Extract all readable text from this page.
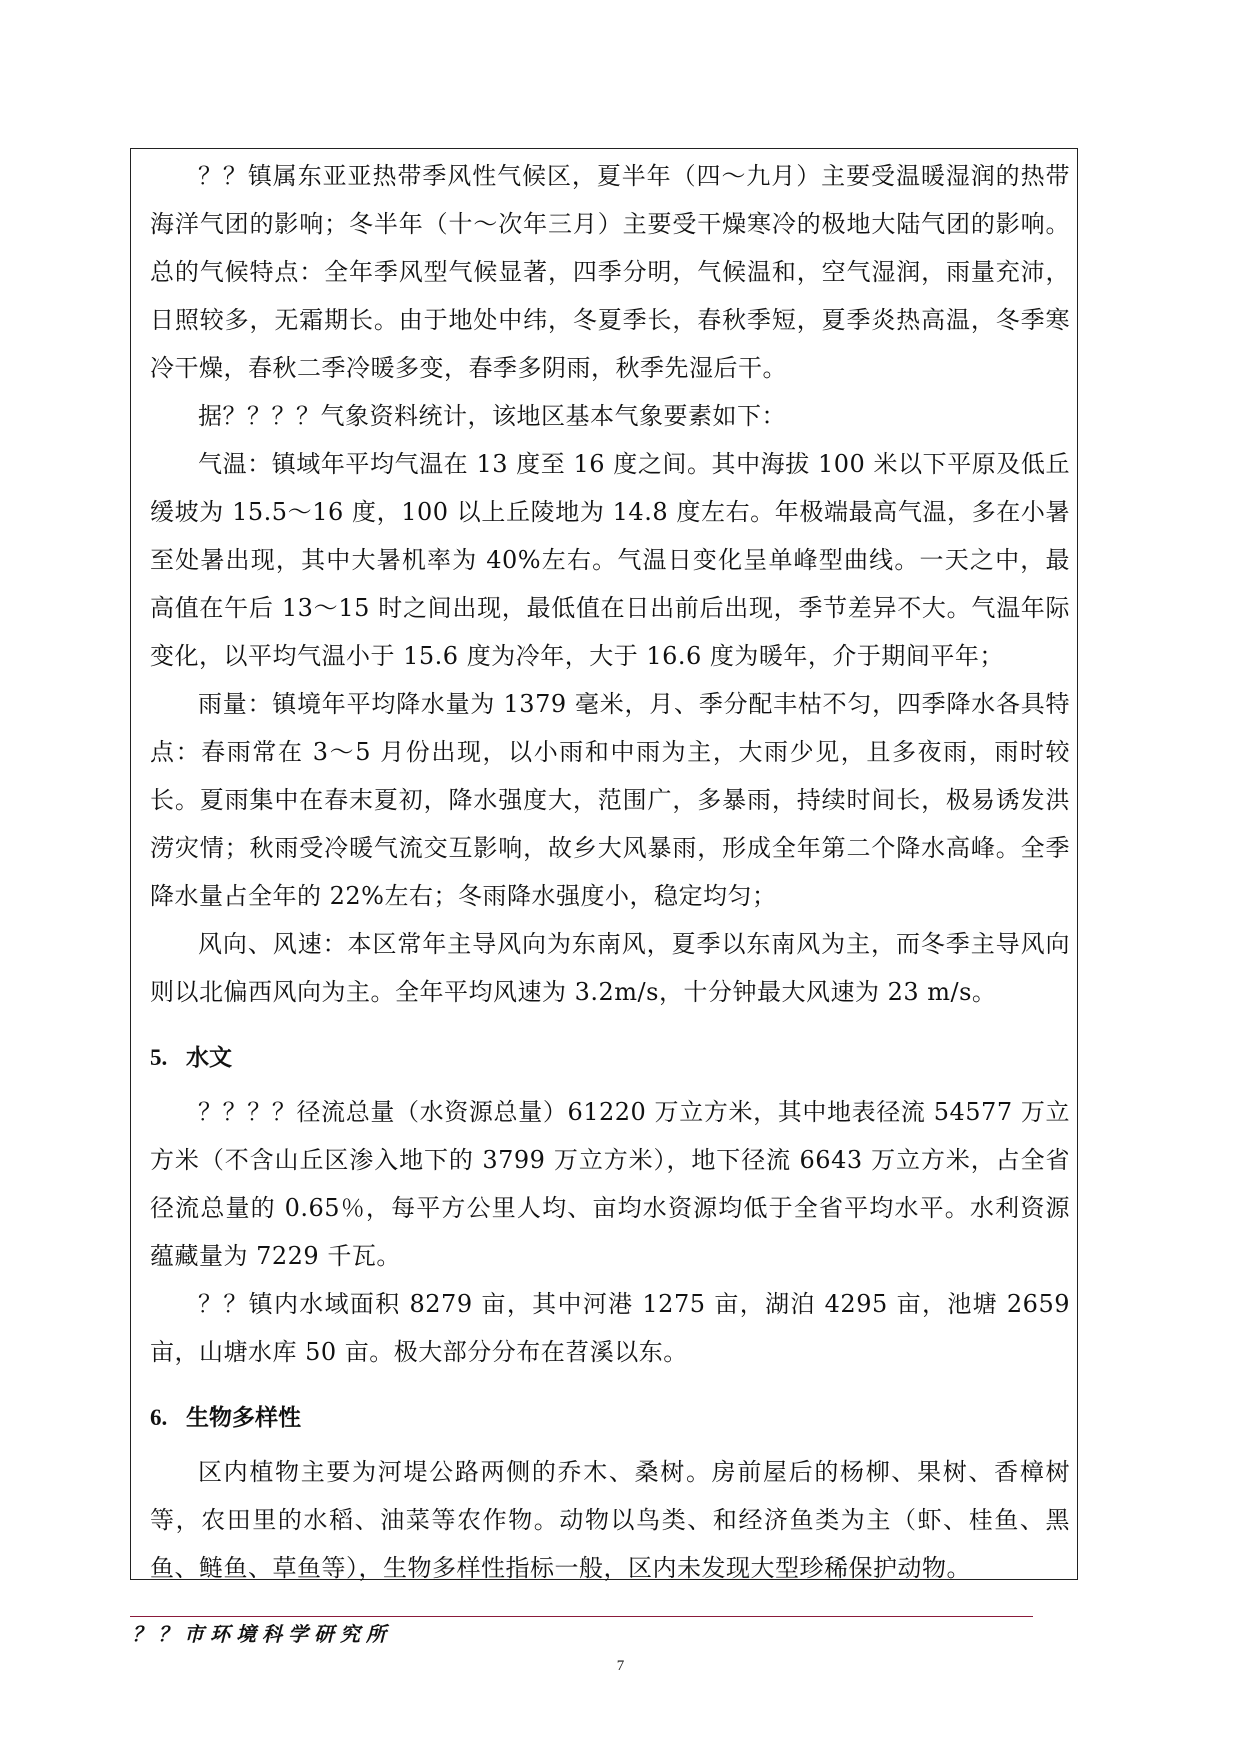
？？镇属东亚亚热带季风性气候区，夏半年（四～九月）主要受温暖湿润的热带海洋气团的影响；冬半年（十～次年三月）主要受干燥寒冷的极地大陆气团的影响。总的气候特点：全年季风型气候显著，四季分明，气候温和，空气湿润，雨量充沛，日照较多，无霜期长。由于地处中纬，冬夏季长，春秋季短，夏季炎热高温，冬季寒冷干燥，春秋二季冷暖多变，春季多阴雨，秋季先湿后干。

据？？？？气象资料统计，该地区基本气象要素如下：

气温：镇域年平均气温在 13 度至 16 度之间。其中海拔 100 米以下平原及低丘缓坡为 15.5～16 度，100 以上丘陵地为 14.8 度左右。年极端最高气温，多在小暑至处暑出现，其中大暑机率为 40%左右。气温日变化呈单峰型曲线。一天之中，最高值在午后 13～15 时之间出现，最低值在日出前后出现，季节差异不大。气温年际变化，以平均气温小于 15.6 度为冷年，大于 16.6 度为暖年，介于期间平年；

雨量：镇境年平均降水量为 1379 毫米，月、季分配丰枯不匀，四季降水各具特点：春雨常在 3～5 月份出现，以小雨和中雨为主，大雨少见，且多夜雨，雨时较长。夏雨集中在春末夏初，降水强度大，范围广，多暴雨，持续时间长，极易诱发洪涝灾情；秋雨受冷暖气流交互影响，故乡大风暴雨，形成全年第二个降水高峰。全季降水量占全年的 22%左右；冬雨降水强度小，稳定均匀；

风向、风速：本区常年主导风向为东南风，夏季以东南风为主，而冬季主导风向则以北偏西风向为主。全年平均风速为 3.2m/s，十分钟最大风速为 23 m/s。

5. 水文

？？？？径流总量（水资源总量）61220 万立方米，其中地表径流 54577 万立方米（不含山丘区渗入地下的 3799 万立方米），地下径流 6643 万立方米，占全省径流总量的 0.65％，每平方公里人均、亩均水资源均低于全省平均水平。水利资源蕴藏量为 7229 千瓦。

？？镇内水域面积 8279 亩，其中河港 1275 亩，湖泊 4295 亩，池塘 2659 亩，山塘水库 50 亩。极大部分分布在苕溪以东。

6. 生物多样性

区内植物主要为河堤公路两侧的乔木、桑树。房前屋后的杨柳、果树、香樟树等，农田里的水稻、油菜等农作物。动物以鸟类、和经济鱼类为主（虾、桂鱼、黑鱼、鲢鱼、草鱼等），生物多样性指标一般，区内未发现大型珍稀保护动物。

？？市环境科学研究所
7
